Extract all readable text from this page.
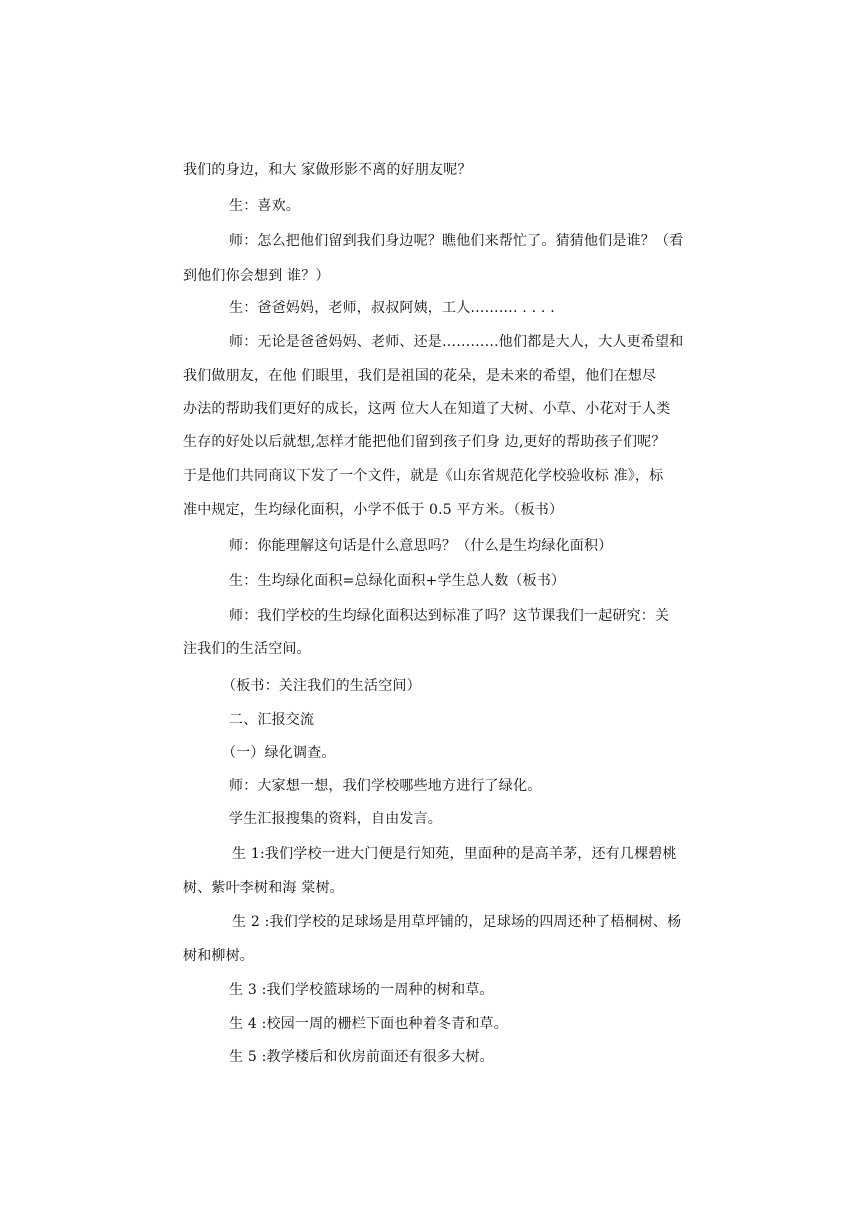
我们的身边，和大 家做形影不离的好朋友呢？
生：喜欢。
师：怎么把他们留到我们身边呢？瞧他们来帮忙了。猜猜他们是谁？（看
到他们你会想到 谁？）
生：爸爸妈妈，老师，叔叔阿姨，工人………. . . . .
师：无论是爸爸妈妈、老师、还是…………他们都是大人，大人更希望和
我们做朋友，在他 们眼里，我们是祖国的花朵，是未来的希望，他们在想尽
办法的帮助我们更好的成长，这两 位大人在知道了大树、小草、小花对于人类
生存的好处以后就想,怎样才能把他们留到孩子们身 边,更好的帮助孩子们呢？
于是他们共同商议下发了一个文件，就是《山东省规范化学校验收标 准》，标
准中规定，生均绿化面积，小学不低于 0.5 平方米。（板书）
师：你能理解这句话是什么意思吗？（什么是生均绿化面积）
生：生均绿化面积=总绿化面积+学生总人数（板书）
师：我们学校的生均绿化面积达到标准了吗？这节课我们一起研究：关
注我们的生活空间。
（板书：关注我们的生活空间）
二、汇报交流
（一）绿化调查。
师：大家想一想，我们学校哪些地方进行了绿化。
学生汇报搜集的资料，自由发言。
生 1:我们学校一进大门便是行知苑，里面种的是高羊茅，还有几棵碧桃
树、紫叶李树和海 棠树。
生 2 :我们学校的足球场是用草坪铺的，足球场的四周还种了梧桐树、杨
树和柳树。
生 3 :我们学校篮球场的一周种的树和草。
生 4 :校园一周的栅栏下面也种着冬青和草。
生 5 :教学楼后和伙房前面还有很多大树。
